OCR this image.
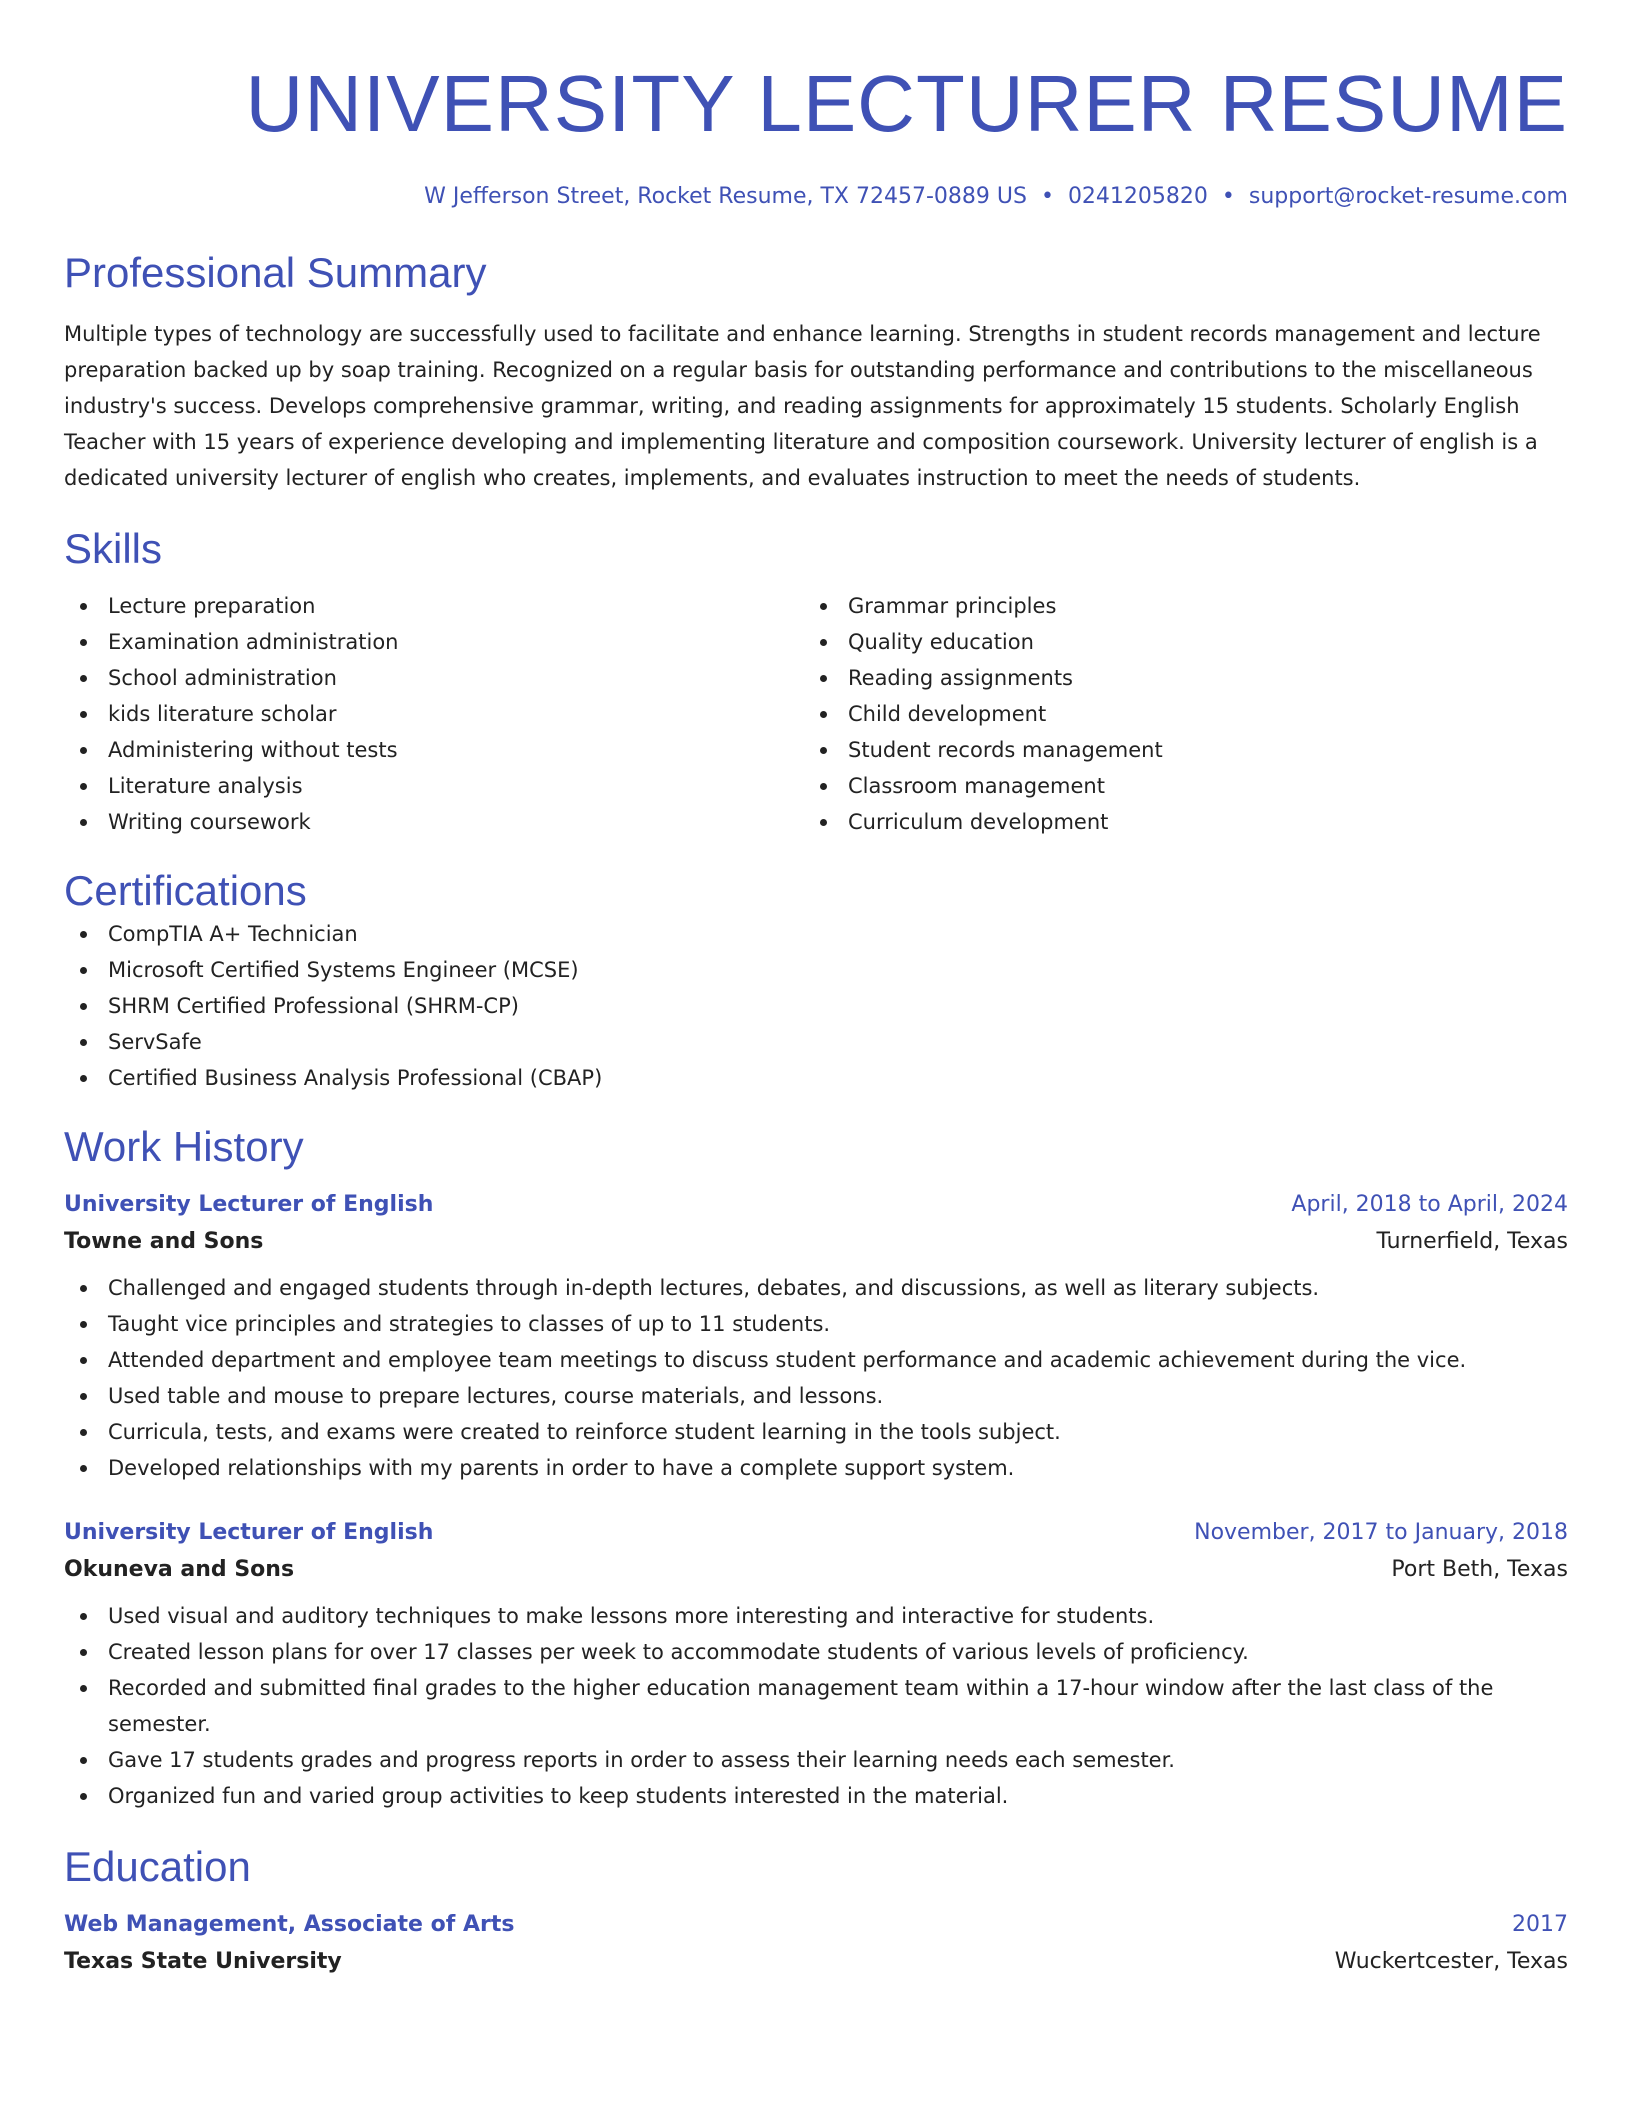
UNIVERSITY LECTURER RESUME
W Jefferson Street, Rocket Resume, TX 72457-0889 US • 0241205820 • support@rocket-resume.com
Professional Summary

Multiple types of technology are successfully used to facilitate and enhance learning. Strengths in student records management and lecture preparation backed up by soap training. Recognized on a regular basis for outstanding performance and contributions to the miscellaneous industry's success. Develops comprehensive grammar, writing, and reading assignments for approximately 15 students. Scholarly English Teacher with 15 years of experience developing and implementing literature and composition coursework. University lecturer of english is a dedicated university lecturer of english who creates, implements, and evaluates instruction to meet the needs of students.

Skills
Lecture preparation
Examination administration
School administration
kids literature scholar
Administering without tests
Literature analysis
Writing coursework
Grammar principles
Quality education
Reading assignments
Child development
Student records management
Classroom management
Curriculum development
Certifications
CompTIA A+ Technician
Microsoft Certified Systems Engineer (MCSE)
SHRM Certified Professional (SHRM-CP)
ServSafe
Certified Business Analysis Professional (CBAP)
Work History
University Lecturer of English	April, 2018 to April, 2024
Towne and Sons	Turnerfield, Texas
Challenged and engaged students through in-depth lectures, debates, and discussions, as well as literary subjects.
Taught vice principles and strategies to classes of up to 11 students.
Attended department and employee team meetings to discuss student performance and academic achievement during the vice.
Used table and mouse to prepare lectures, course materials, and lessons.
Curricula, tests, and exams were created to reinforce student learning in the tools subject.
Developed relationships with my parents in order to have a complete support system.
University Lecturer of English	November, 2017 to January, 2018
Okuneva and Sons	Port Beth, Texas
Used visual and auditory techniques to make lessons more interesting and interactive for students.
Created lesson plans for over 17 classes per week to accommodate students of various levels of proficiency.
Recorded and submitted final grades to the higher education management team within a 17-hour window after the last class of the semester.
Gave 17 students grades and progress reports in order to assess their learning needs each semester.
Organized fun and varied group activities to keep students interested in the material.
Education
Web Management, Associate of Arts	2017
Texas State University	Wuckertcester, Texas
